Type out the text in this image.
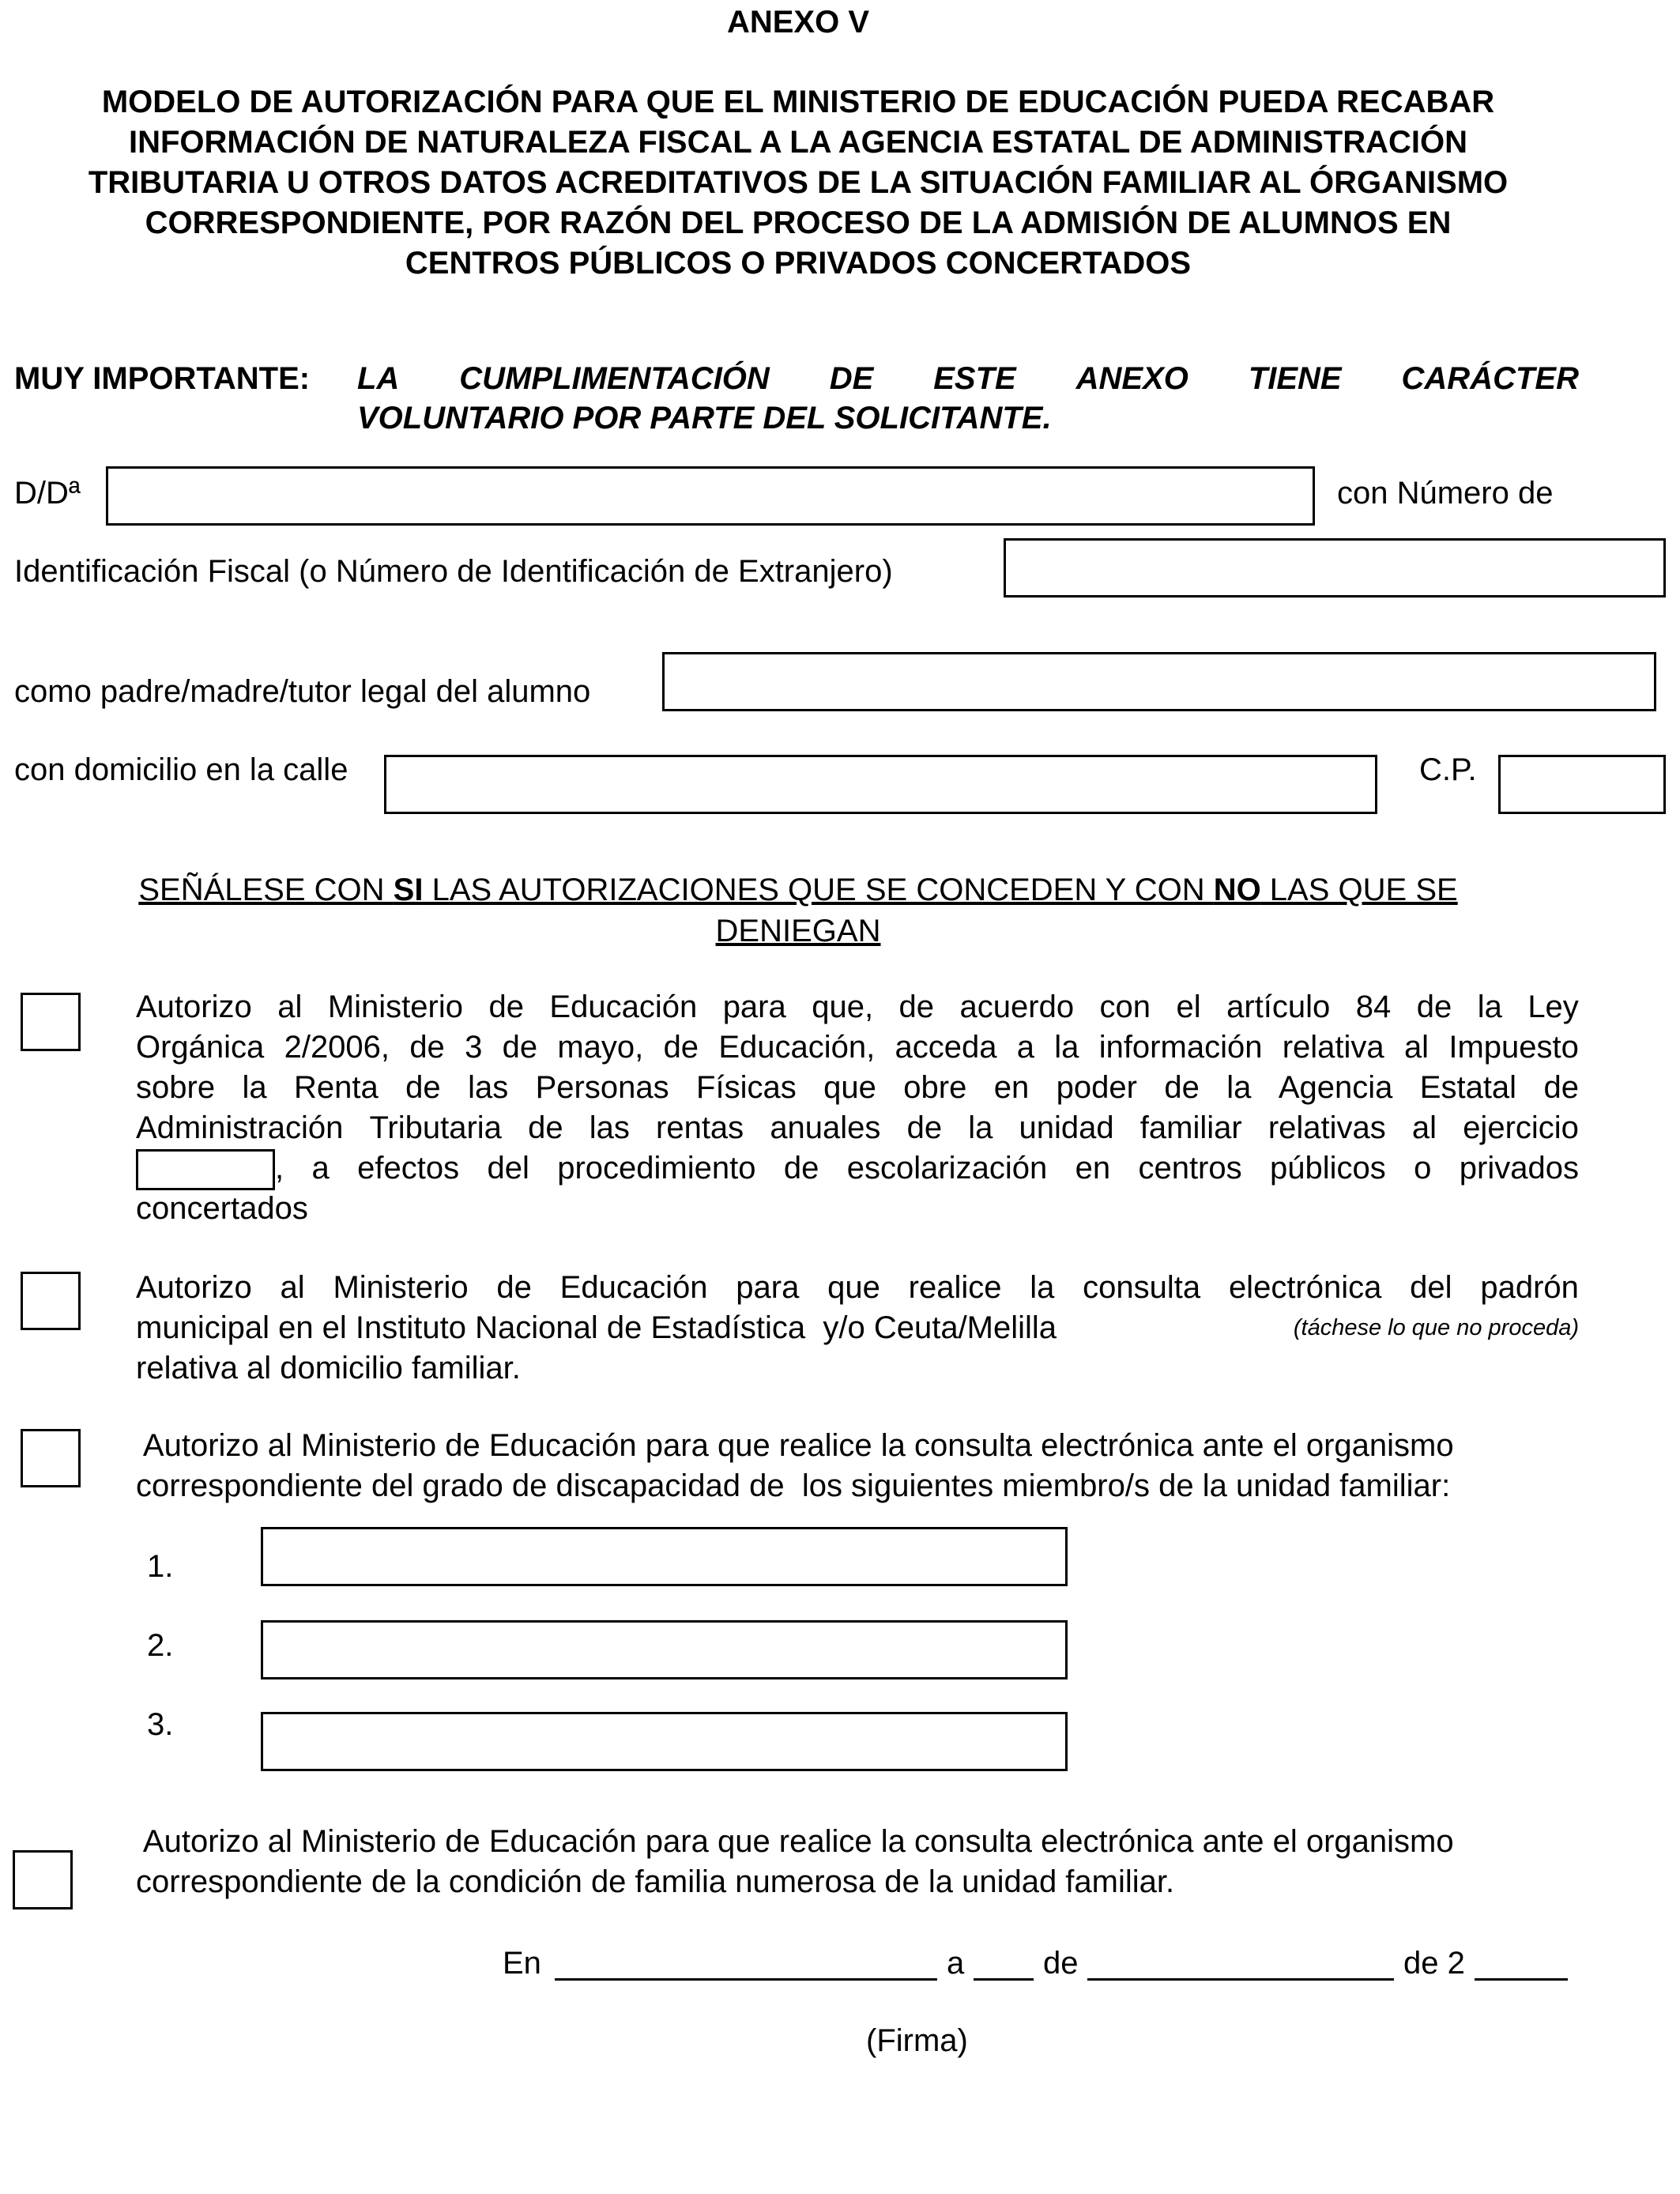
ANEXO V
MODELO DE AUTORIZACIÓN PARA QUE EL MINISTERIO DE EDUCACIÓN PUEDA RECABAR
INFORMACIÓN DE NATURALEZA FISCAL A LA AGENCIA ESTATAL DE ADMINISTRACIÓN
TRIBUTARIA U OTROS DATOS ACREDITATIVOS DE LA SITUACIÓN FAMILIAR AL ÓRGANISMO
CORRESPONDIENTE, POR RAZÓN DEL PROCESO DE LA ADMISIÓN DE ALUMNOS EN
CENTROS PÚBLICOS O PRIVADOS CONCERTADOS
MUY IMPORTANTE: LA CUMPLIMENTACIÓN DE ESTE ANEXO TIENE CARÁCTER
VOLUNTARIO POR PARTE DEL SOLICITANTE.
D/Dª	con Número de
Identificación Fiscal (o Número de Identificación de Extranjero)
como padre/madre/tutor legal del alumno
con domicilio en la calle	C.P.
SEÑÁLESE CON SI LAS AUTORIZACIONES QUE SE CONCEDEN Y CON NO LAS QUE SE
DENIEGAN
Autorizo al Ministerio de Educación para que, de acuerdo con el artículo 84 de la Ley
Orgánica 2/2006, de 3 de mayo, de Educación, acceda a la información relativa al Impuesto
sobre la Renta de las Personas Físicas que obre en poder de la Agencia Estatal de
Administración Tributaria de las rentas anuales de la unidad familiar relativas al ejercicio
, a efectos del procedimiento de escolarización en centros públicos o privados
concertados
Autorizo al Ministerio de Educación para que realice la consulta electrónica del padrón
municipal en el Instituto Nacional de Estadística  y/o Ceuta/Melilla	(táchese lo que no proceda)
relativa al domicilio familiar.
Autorizo al Ministerio de Educación para que realice la consulta electrónica ante el organismo
correspondiente del grado de discapacidad de  los siguientes miembro/s de la unidad familiar:
1.
2.
3.
Autorizo al Ministerio de Educación para que realice la consulta electrónica ante el organismo
correspondiente de la condición de familia numerosa de la unidad familiar.
En	a de	de 2
(Firma)
